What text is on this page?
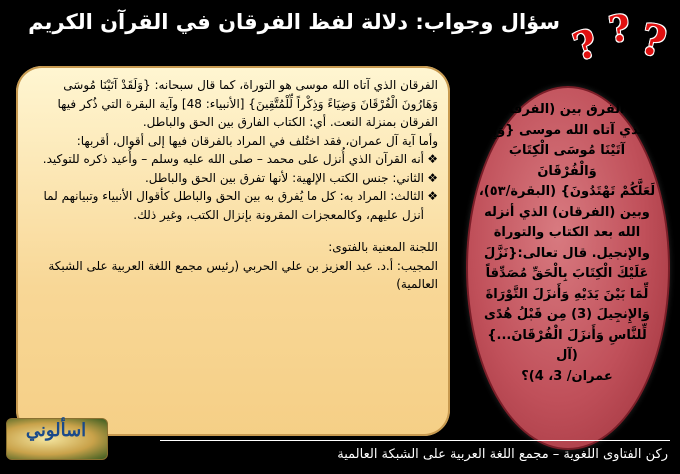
سؤال وجواب: دلالة لفظ الفرقان في القرآن الكريم ?
?
?
ما الفرق بين (الفرقان)
الذي آتاه الله موسى {وَإِذْ
آتَيْنَا مُوسَى الْكِتَابَ وَالْفُرْقَانَ
لَعَلَّكُمْ تَهْتَدُونَ} (البقرة/٥٣)،
وبين (الفرقان) الذي أنزله
الله بعد الكتاب والتوراة
والإنجيل. قال تعالى:{نَزَّلَ
عَلَيْكَ الْكِتَابَ بِالْحَقِّ مُصَدِّقاً
لِّمَا بَيْنَ يَدَيْهِ وَأَنزَلَ التَّوْرَاةَ
وَالإِنجِيلَ (3) مِن قَبْلُ هُدًى
لِّلنَّاسِ وَأَنزَلَ الْفُرْقَانَ...} (آل
عمران/ 3، 4)؟

الفرقان الذي آتاه الله موسى هو التوراة، كما قال سبحانه: {وَلَقَدْ آتَيْنَا مُوسَى وَهَارُونَ الْفُرْقَانَ وَضِيَاءً وَذِكْراً لِّلْمُتَّقِينَ} [الأنبياء: 48] وآية البقرة التي ذُكر فيها الفرقان بمنزلة النعت. أي: الكتاب الفارق بين الحق والباطل.

وأما آية آل عمران، فقد اختُلف في المراد بالفرقان فيها إلى أقوال، أقربها:

❖
أنه القرآن الذي أُنزل على محمد – صلى الله عليه وسلم – وأُعيد ذكره للتوكيد.
❖
الثاني: جنس الكتب الإلهية: لأنها تفرق بين الحق والباطل.
❖
الثالث: المراد به: كل ما يُفرق به بين الحق والباطل كأقوال الأنبياء وتبيانهم لما أنزل عليهم، وكالمعجزات المقرونة بإنزال الكتب، وغير ذلك.

اللجنة المعنية بالفتوى:

المجيب: أ.د. عبد العزيز بن علي الحربي (رئيس مجمع اللغة العربية على الشبكة العالمية)

ركن الفتاوى اللغوية – مجمع اللغة العربية على الشبكة العالمية
اسألوني
